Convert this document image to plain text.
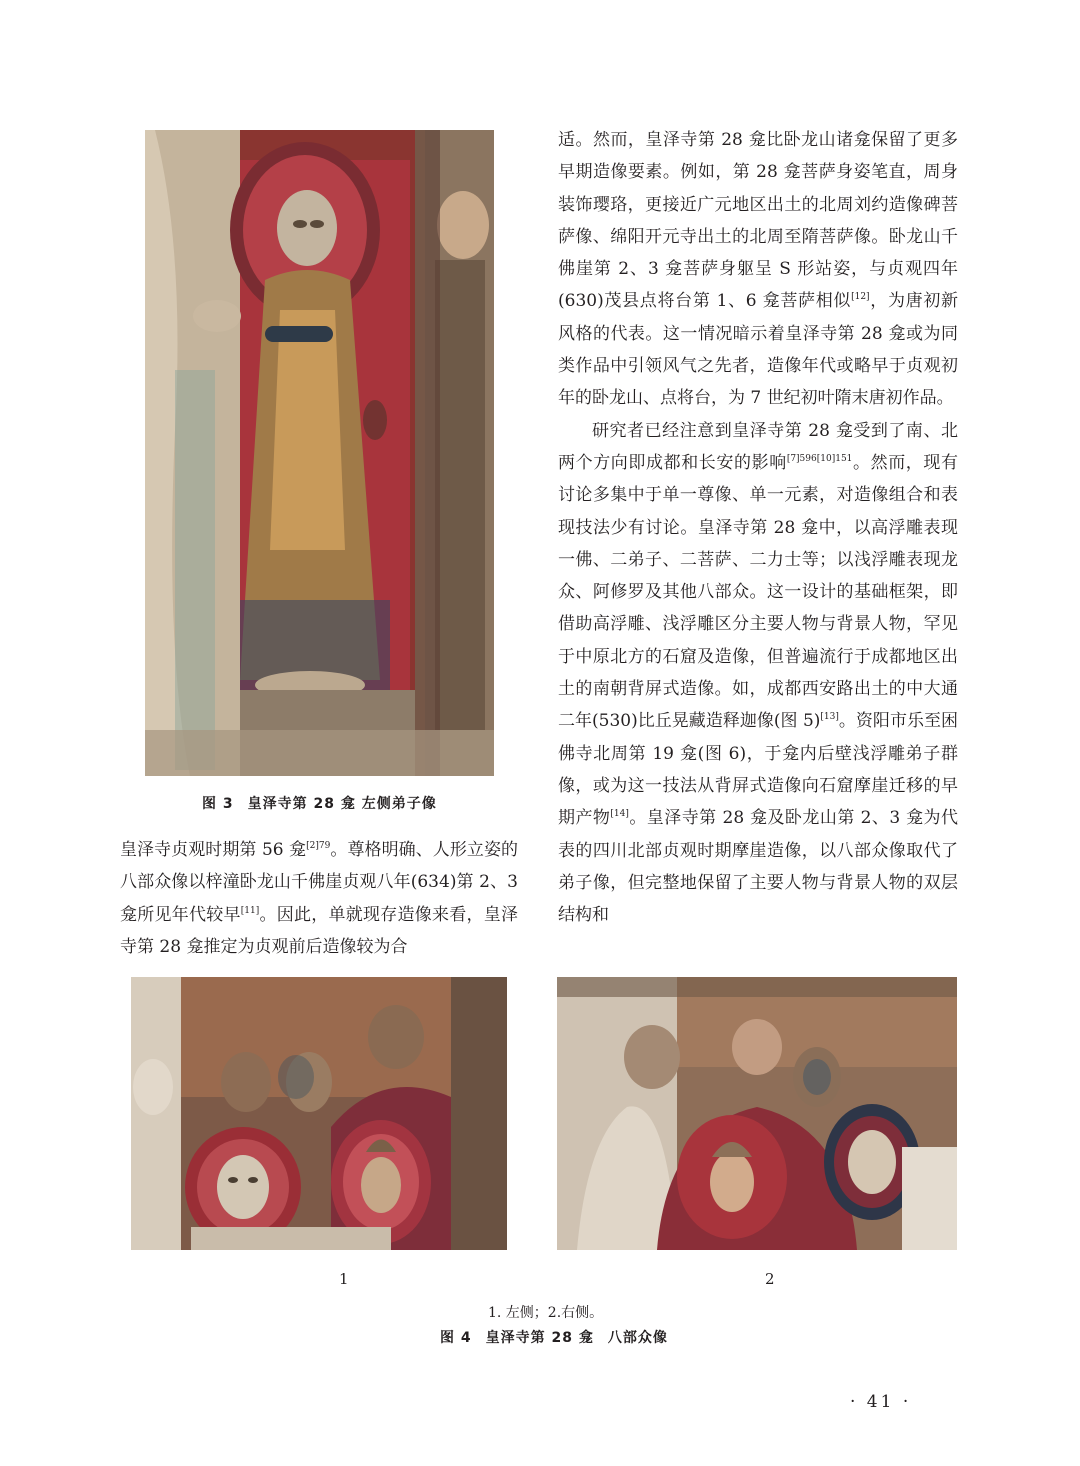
图 3 皇泽寺第 28 龛 左侧弟子像

皇泽寺贞观时期第 56 龛$^{[2]79}$。尊格明确、人形立姿的八部众像以梓潼卧龙山千佛崖贞观八年(634)第 2、3 龛所见年代较早[11]。因此，单就现存造像来看，皇泽寺第 28 龛推定为贞观前后造像较为合

适。然而，皇泽寺第 28 龛比卧龙山诸龛保留了更多早期造像要素。例如，第 28 龛菩萨身姿笔直，周身装饰璎珞，更接近广元地区出土的北周刘约造像碑菩萨像、绵阳开元寺出土的北周至隋菩萨像。卧龙山千佛崖第 2、3 龛菩萨身躯呈 S 形站姿，与贞观四年(630)茂县点将台第 1、6 龛菩萨相似[12]，为唐初新风格的代表。这一情况暗示着皇泽寺第 28 龛或为同类作品中引领风气之先者，造像年代或略早于贞观初年的卧龙山、点将台，为 7 世纪初叶隋末唐初作品。

研究者已经注意到皇泽寺第 28 龛受到了南、北两个方向即成都和长安的影响$^{[7]596[10]151}$。然而，现有讨论多集中于单一尊像、单一元素，对造像组合和表现技法少有讨论。皇泽寺第 28 龛中，以高浮雕表现一佛、二弟子、二菩萨、二力士等；以浅浮雕表现龙众、阿修罗及其他八部众。这一设计的基础框架，即借助高浮雕、浅浮雕区分主要人物与背景人物，罕见于中原北方的石窟及造像，但普遍流行于成都地区出土的南朝背屏式造像。如，成都西安路出土的中大通二年(530)比丘晃藏造释迦像(图 5)[13]。资阳市乐至困佛寺北周第 19 龛(图 6)，于龛内后壁浅浮雕弟子群像，或为这一技法从背屏式造像向石窟摩崖迁移的早期产物[14]。皇泽寺第 28 龛及卧龙山第 2、3 龛为代表的四川北部贞观时期摩崖造像，以八部众像取代了弟子像，但完整地保留了主要人物与背景人物的双层结构和

1	2
1. 左侧；2.右侧。
图 4 皇泽寺第 28 龛 八部众像
· 41 ·
